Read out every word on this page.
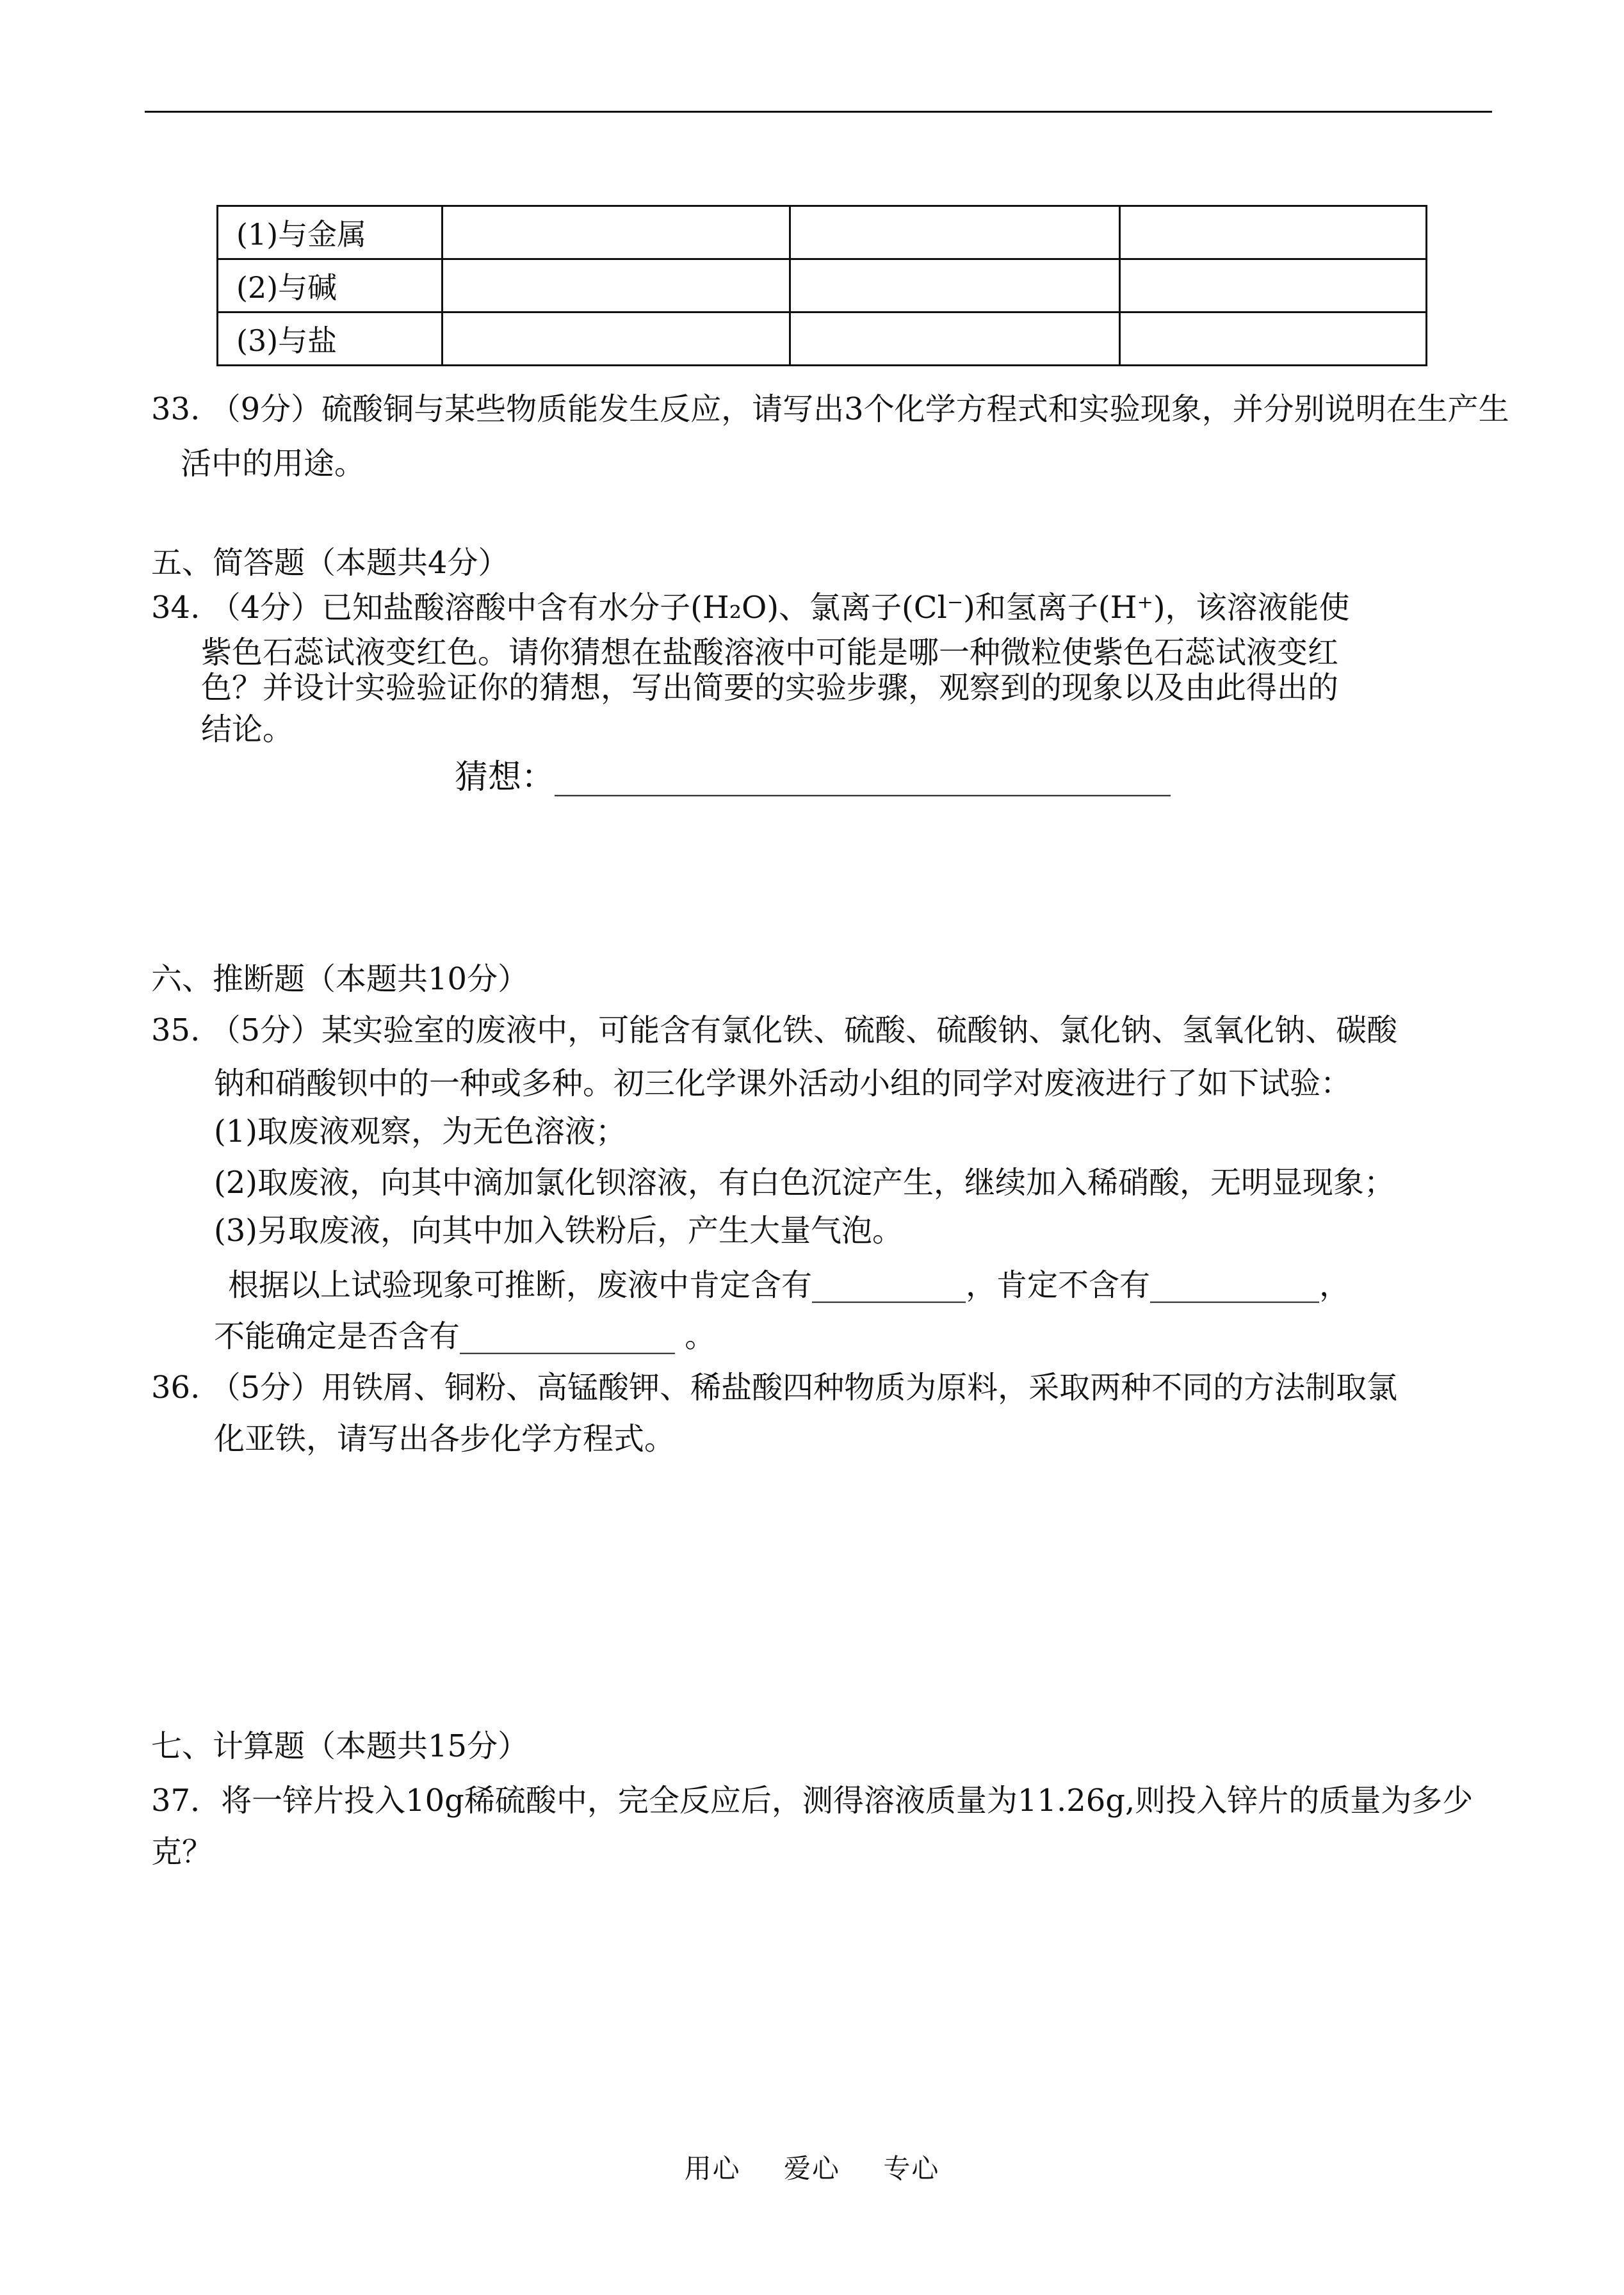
(1)与金属			
(2)与碱			
(3)与盐			
33. （9分）硫酸铜与某些物质能发生反应，请写出3个化学方程式和实验现象，并分别说明在生产生
活中的用途。
五、简答题（本题共4分）
34. （4分）已知盐酸溶酸中含有水分子(H₂O)、氯离子(Cl⁻)和氢离子(H⁺)，该溶液能使
紫色石蕊试液变红色。请你猜想在盐酸溶液中可能是哪一种微粒使紫色石蕊试液变红
色？并设计实验验证你的猜想，写出简要的实验步骤，观察到的现象以及由此得出的
结论。
猜想：_____________________________________
六、推断题（本题共10分）
35. （5分）某实验室的废液中，可能含有氯化铁、硫酸、硫酸钠、氯化钠、氢氧化钠、碳酸
钠和硝酸钡中的一种或多种。初三化学课外活动小组的同学对废液进行了如下试验：
(1)取废液观察，为无色溶液；
(2)取废液，向其中滴加氯化钡溶液，有白色沉淀产生，继续加入稀硝酸，无明显现象；
(3)另取废液，向其中加入铁粉后，产生大量气泡。
根据以上试验现象可推断，废液中肯定含有__________，肯定不含有___________，
不能确定是否含有______________ 。
36. （5分）用铁屑、铜粉、高锰酸钾、稀盐酸四种物质为原料，采取两种不同的方法制取氯
化亚铁，请写出各步化学方程式。
七、计算题（本题共15分）
37．将一锌片投入10g稀硫酸中，完全反应后，测得溶液质量为11.26g,则投入锌片的质量为多少
克？
用心 爱心 专心
